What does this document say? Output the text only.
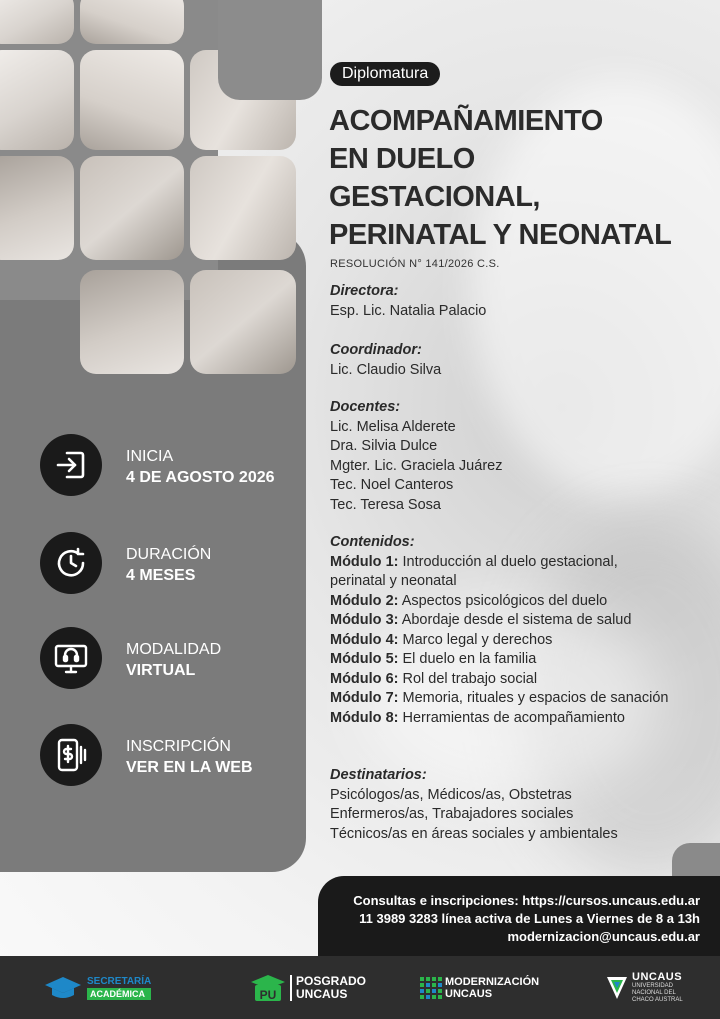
Diplomatura
ACOMPAÑAMIENTO
EN DUELO
GESTACIONAL,
PERINATAL Y NEONATAL
RESOLUCIÓN N° 141/2026 C.S.
Directora:
Esp. Lic. Natalia Palacio
Coordinador:
Lic. Claudio Silva
Docentes:
Lic. Melisa Alderete
Dra. Silvia Dulce
Mgter. Lic. Graciela Juárez
Tec. Noel Canteros
Tec. Teresa Sosa
Contenidos:
Módulo 1: Introducción al duelo gestacional, perinatal y neonatal
Módulo 2: Aspectos psicológicos del duelo
Módulo 3: Abordaje desde el sistema de salud
Módulo 4: Marco legal y derechos
Módulo 5: El duelo en la familia
Módulo 6: Rol del trabajo social
Módulo 7: Memoria, rituales y espacios de sanación
Módulo 8: Herramientas de acompañamiento
Destinatarios:
Psicólogos/as, Médicos/as, Obstetras
Enfermeros/as, Trabajadores sociales
Técnicos/as en áreas sociales y ambientales
INICIA
4 DE AGOSTO 2026
DURACIÓN
4 MESES
MODALIDAD
VIRTUAL
INSCRIPCIÓN
VER EN LA WEB
Consultas e inscripciones: https://cursos.uncaus.edu.ar
11 3989 3283 línea activa de Lunes a Viernes de 8 a 13h
modernizacion@uncaus.edu.ar
SECRETARÍA
ACADÉMICA	PU
POSGRADO
UNCAUS
MODERNIZACIÓN
UNCAUS
UNCAUS
UNIVERSIDAD
NACIONAL DEL
CHACO AUSTRAL
